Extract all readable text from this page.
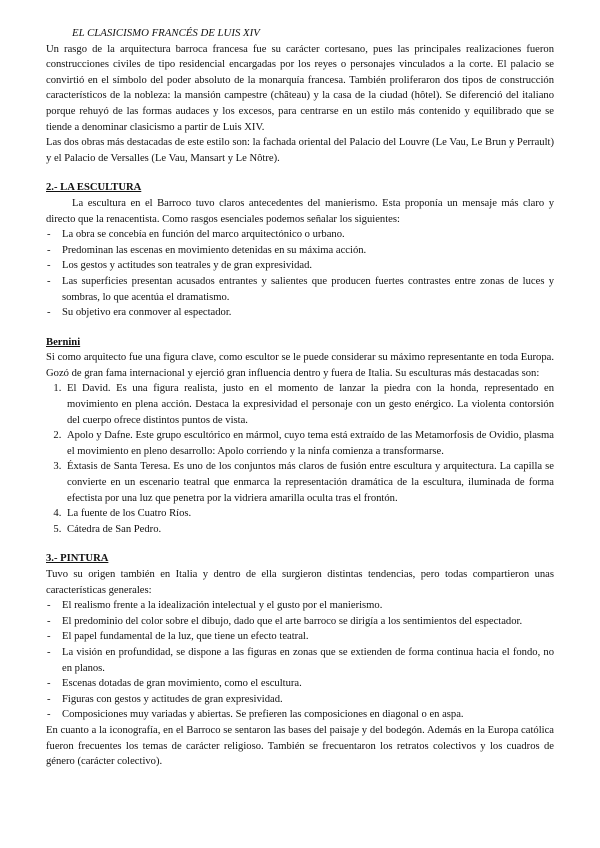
EL CLASICISMO FRANCÉS DE LUIS XIV

Un rasgo de la arquitectura barroca francesa fue su carácter cortesano, pues las principales realizaciones fueron construcciones civiles de tipo residencial encargadas por los reyes o personajes vinculados a la corte. El palacio se convirtió en el símbolo del poder absoluto de la monarquía francesa. También proliferaron dos tipos de construcción característicos de la nobleza: la mansión campestre (château) y la casa de la ciudad (hôtel). Se diferenció del italiano porque rehuyó de las formas audaces y los excesos, para centrarse en un estilo más contenido y equilibrado que se tiende a denominar clasicismo a partir de Luis XIV.

Las dos obras más destacadas de este estilo son: la fachada oriental del Palacio del Louvre (Le Vau, Le Brun y Perrault) y el Palacio de Versalles (Le Vau, Mansart y Le Nôtre).

2.- LA ESCULTURA

La escultura en el Barroco tuvo claros antecedentes del manierismo. Esta proponía un mensaje más claro y directo que la renacentista. Como rasgos esenciales podemos señalar los siguientes:

- La obra se concebía en función del marco arquitectónico o urbano.
- Predominan las escenas en movimiento detenidas en su máxima acción.
- Los gestos y actitudes son teatrales y de gran expresividad.
- Las superficies presentan acusados entrantes y salientes que producen fuertes contrastes entre zonas de luces y sombras, lo que acentúa el dramatismo.
- Su objetivo era conmover al espectador.

Bernini

Si como arquitecto fue una figura clave, como escultor se le puede considerar su máximo representante en toda Europa. Gozó de gran fama internacional y ejerció gran influencia dentro y fuera de Italia. Su esculturas más destacadas son:

1. El David. Es una figura realista, justo en el momento de lanzar la piedra con la honda, representado en movimiento en plena acción. Destaca la expresividad el personaje con un gesto enérgico. La violenta contorsión del cuerpo ofrece distintos puntos de vista.
2. Apolo y Dafne. Este grupo escultórico en mármol, cuyo tema está extraído de las Metamorfosis de Ovidio, plasma el movimiento en pleno desarrollo: Apolo corriendo y la ninfa comienza a transformarse.
3. Éxtasis de Santa Teresa. Es uno de los conjuntos más claros de fusión entre escultura y arquitectura. La capilla se convierte en un escenario teatral que enmarca la representación dramática de la escultura, iluminada de forma efectista por una luz que penetra por la vidriera amarilla oculta tras el frontón.
4. La fuente de los Cuatro Ríos.
5. Cátedra de San Pedro.

3.- PINTURA

Tuvo su origen también en Italia y dentro de ella surgieron distintas tendencias, pero todas compartieron unas características generales:

- El realismo frente a la idealización intelectual y el gusto por el manierismo.
- El predominio del color sobre el dibujo, dado que el arte barroco se dirigía a los sentimientos del espectador.
- El papel fundamental de la luz, que tiene un efecto teatral.
- La visión en profundidad, se dispone a las figuras en zonas que se extienden de forma continua hacia el fondo, no en planos.
- Escenas dotadas de gran movimiento, como el escultura.
- Figuras con gestos y actitudes de gran expresividad.
- Composiciones muy variadas y abiertas. Se prefieren las composiciones en diagonal o en aspa.

En cuanto a la iconografía, en el Barroco se sentaron las bases del paisaje y del bodegón. Además en la Europa católica fueron frecuentes los temas de carácter religioso. También se frecuentaron los retratos colectivos y los cuadros de género (carácter colectivo).
